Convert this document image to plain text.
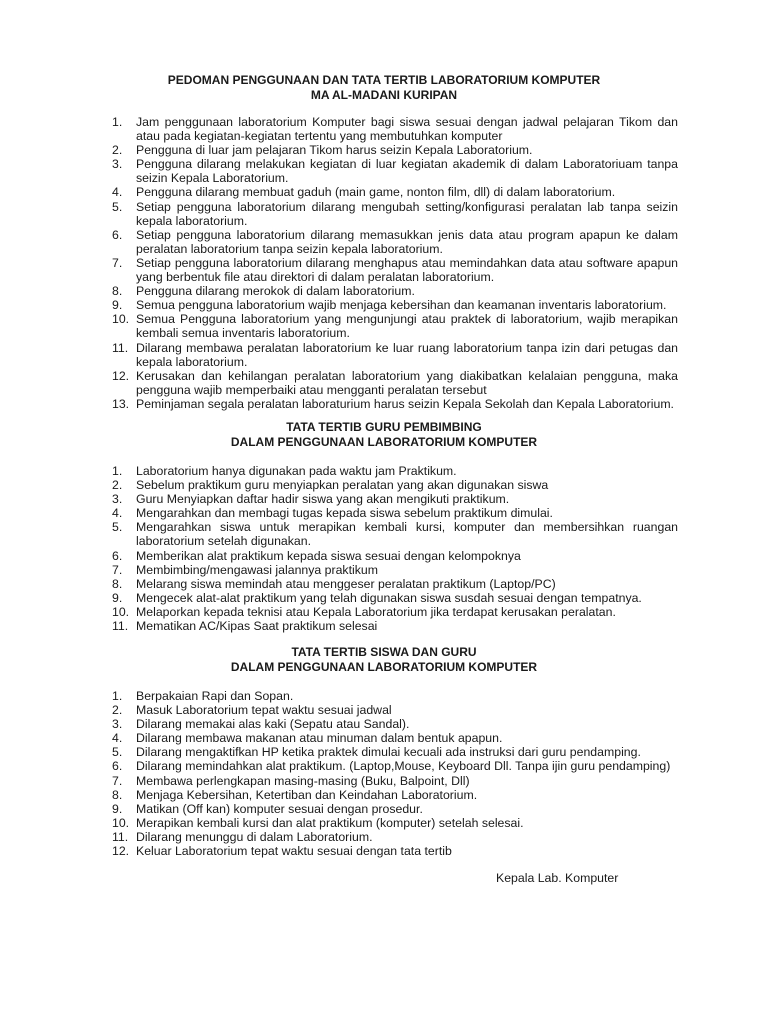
PEDOMAN PENGGUNAAN DAN TATA TERTIB LABORATORIUM KOMPUTER

MA AL-MADANI KURIPAN

1.	Jam penggunaan laboratorium Komputer bagi siswa sesuai dengan jadwal pelajaran Tikom dan atau pada kegiatan-kegiatan tertentu yang membutuhkan komputer
2.	Pengguna di luar jam pelajaran Tikom harus seizin Kepala Laboratorium.
3.	Pengguna dilarang melakukan kegiatan di luar kegiatan akademik di dalam Laboratoriuam tanpa seizin Kepala Laboratorium.
4.	Pengguna dilarang membuat gaduh (main game, nonton film, dll) di dalam laboratorium.
5.	Setiap pengguna laboratorium dilarang mengubah setting/konfigurasi peralatan lab tanpa seizin kepala laboratorium.
6.	Setiap pengguna laboratorium dilarang memasukkan jenis data atau program apapun ke dalam peralatan laboratorium tanpa seizin kepala laboratorium.
7.	Setiap pengguna laboratorium dilarang menghapus atau memindahkan data atau software apapun yang berbentuk file atau direktori di dalam peralatan laboratorium.
8.	Pengguna dilarang merokok di dalam laboratorium.
9.	Semua pengguna laboratorium wajib menjaga kebersihan dan keamanan inventaris laboratorium.
10. Semua Pengguna laboratorium yang mengunjungi atau praktek di laboratorium, wajib merapikan kembali semua inventaris laboratorium.
11. Dilarang membawa peralatan laboratorium ke luar ruang laboratorium tanpa izin dari petugas dan kepala laboratorium.
12. Kerusakan dan kehilangan peralatan laboratorium yang diakibatkan kelalaian pengguna, maka pengguna wajib memperbaiki atau mengganti peralatan tersebut
13. Peminjaman segala peralatan laboraturium harus seizin Kepala Sekolah dan Kepala Laboratorium.

TATA TERTIB GURU PEMBIMBING

DALAM PENGGUNAAN LABORATORIUM KOMPUTER

1.	Laboratorium hanya digunakan pada waktu jam Praktikum.
2.	Sebelum praktikum guru menyiapkan peralatan yang akan digunakan siswa
3.	Guru Menyiapkan daftar hadir siswa yang akan mengikuti praktikum.
4.	Mengarahkan dan membagi tugas kepada siswa sebelum praktikum dimulai.
5.	Mengarahkan siswa untuk merapikan kembali kursi, komputer dan membersihkan ruangan laboratorium setelah digunakan.
6.	Memberikan alat praktikum kepada siswa sesuai dengan kelompoknya
7.	Membimbing/mengawasi jalannya praktikum
8.	Melarang siswa memindah atau menggeser peralatan praktikum (Laptop/PC)
9.	Mengecek alat-alat praktikum yang telah digunakan siswa susdah sesuai dengan tempatnya.
10. Melaporkan kepada teknisi atau Kepala Laboratorium jika terdapat kerusakan peralatan.
11. Mematikan AC/Kipas Saat praktikum selesai

TATA TERTIB SISWA DAN GURU

DALAM PENGGUNAAN LABORATORIUM KOMPUTER

1.	Berpakaian Rapi dan Sopan.
2.	Masuk Laboratorium tepat waktu sesuai jadwal
3.	Dilarang memakai alas kaki (Sepatu atau Sandal).
4.	Dilarang membawa makanan atau minuman dalam bentuk apapun.
5.	Dilarang mengaktifkan HP ketika praktek dimulai kecuali ada instruksi dari guru pendamping.
6.	Dilarang memindahkan alat praktikum. (Laptop,Mouse, Keyboard Dll. Tanpa ijin guru pendamping)
7.	Membawa perlengkapan masing-masing (Buku, Balpoint, Dll)
8.	Menjaga Kebersihan, Ketertiban dan Keindahan Laboratorium.
9.	Matikan (Off kan) komputer sesuai dengan prosedur.
10. Merapikan kembali kursi dan alat praktikum (komputer) setelah selesai.
11. Dilarang menunggu di dalam Laboratorium.
12. Keluar Laboratorium tepat waktu sesuai dengan tata tertib
Kepala Lab. Komputer
